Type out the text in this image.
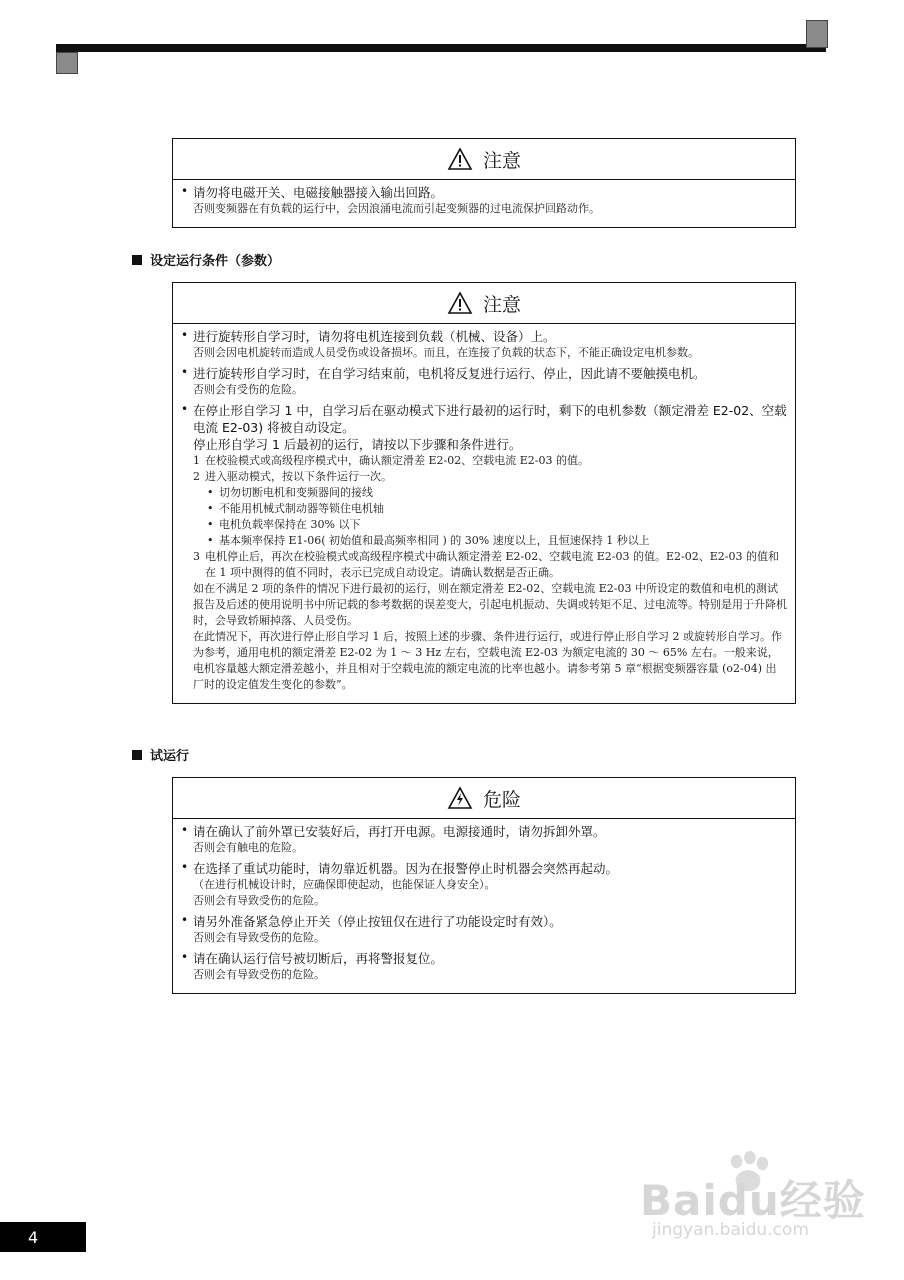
注意
• 请勿将电磁开关、电磁接触器接入输出回路。
否则变频器在有负载的运行中，会因浪涌电流而引起变频器的过电流保护回路动作。
设定运行条件（参数）
注意
• 进行旋转形自学习时，请勿将电机连接到负载（机械、设备）上。
否则会因电机旋转而造成人员受伤或设备损坏。而且，在连接了负载的状态下，不能正确设定电机参数。
• 进行旋转形自学习时，在自学习结束前，电机将反复进行运行、停止，因此请不要触摸电机。
否则会有受伤的危险。
• 在停止形自学习 1 中，自学习后在驱动模式下进行最初的运行时，剩下的电机参数（额定滑差 E2-02、空载电流 E2-03) 将被自动设定。
停止形自学习 1 后最初的运行，请按以下步骤和条件进行。
1 在校验模式或高级程序模式中，确认额定滑差 E2-02、空载电流 E2-03 的值。
2 进入驱动模式，按以下条件运行一次。
• 切勿切断电机和变频器间的接线
• 不能用机械式制动器等锁住电机轴
• 电机负载率保持在 30% 以下
• 基本频率保持 E1-06( 初始值和最高频率相同 ) 的 30% 速度以上，且恒速保持 1 秒以上
3 电机停止后，再次在校验模式或高级程序模式中确认额定滑差 E2-02、空载电流 E2-03 的值。E2-02、E2-03 的值和在 1 项中测得的值不同时，表示已完成自动设定。请确认数据是否正确。
如在不满足 2 项的条件的情况下进行最初的运行，则在额定滑差 E2-02、空载电流 E2-03 中所设定的数值和电机的测试报告及后述的使用说明书中所记载的参考数据的误差变大，引起电机振动、失调或转矩不足、过电流等。特别是用于升降机时，会导致轿厢掉落、人员受伤。
在此情况下，再次进行停止形自学习 1 后，按照上述的步骤、条件进行运行，或进行停止形自学习 2 或旋转形自学习。作为参考，通用电机的额定滑差 E2-02 为 1 ～ 3 Hz 左右，空载电流 E2-03 为额定电流的 30 ～ 65% 左右。一般来说，电机容量越大额定滑差越小，并且相对于空载电流的额定电流的比率也越小。请参考第 5 章“根据变频器容量 (o2-04) 出厂时的设定值发生变化的参数”。
试运行
危险
• 请在确认了前外罩已安装好后，再打开电源。电源接通时，请勿拆卸外罩。
否则会有触电的危险。
• 在选择了重试功能时，请勿靠近机器。因为在报警停止时机器会突然再起动。
（在进行机械设计时，应确保即使起动，也能保证人身安全）。
否则会有导致受伤的危险。
• 请另外准备紧急停止开关（停止按钮仅在进行了功能设定时有效）。
否则会有导致受伤的危险。
• 请在确认运行信号被切断后，再将警报复位。
否则会有导致受伤的危险。
Baidu经验
jingyan.baidu.com
4
